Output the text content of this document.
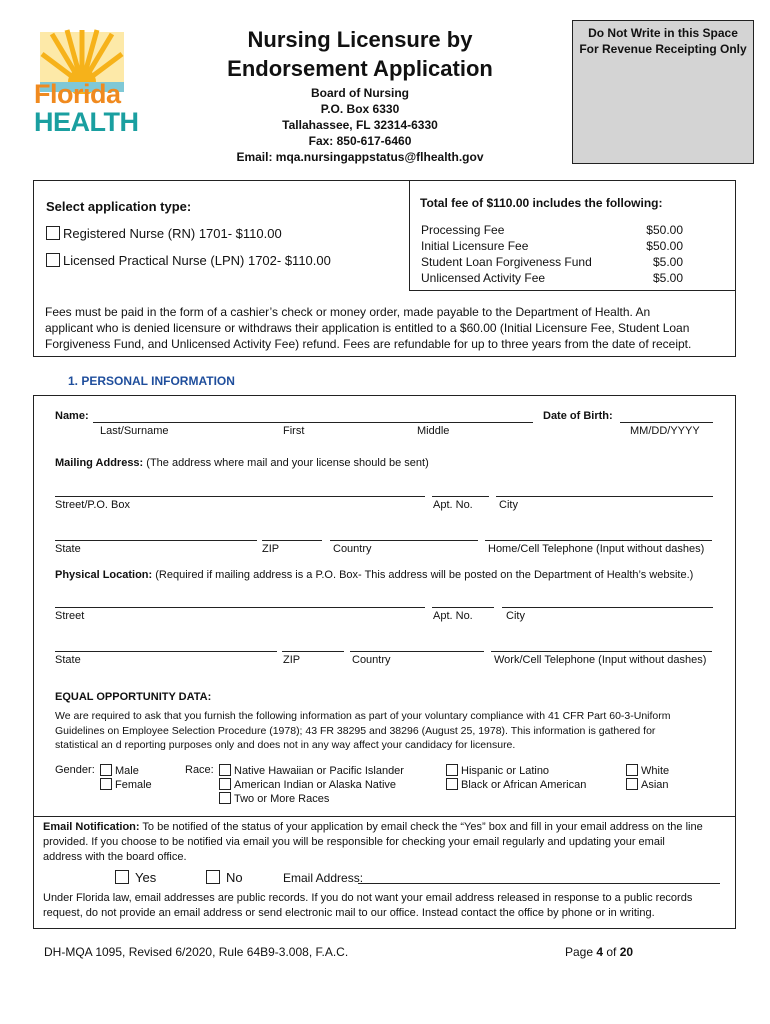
Florida
HEALTH
Nursing Licensure by
Endorsement Application
Board of Nursing
P.O. Box 6330
Tallahassee, FL 32314-6330
Fax: 850-617-6460
Email: mqa.nursingappstatus@flhealth.gov
Do Not Write in this Space
For Revenue Receipting Only
Select application type:
Registered Nurse (RN) 1701- $110.00
Licensed Practical Nurse (LPN) 1702- $110.00
Total fee of $110.00 includes the following:
Processing Fee	$50.00
Initial Licensure Fee	$50.00
Student Loan Forgiveness Fund	$5.00
Unlicensed Activity Fee	$5.00
Fees must be paid in the form of a cashier’s check or money order, made payable to the Department of Health. An
applicant who is denied licensure or withdraws their application is entitled to a $60.00 (Initial Licensure Fee, Student Loan
Forgiveness Fund, and Unlicensed Activity Fee) refund. Fees are refundable for up to three years from the date of receipt.
1. PERSONAL INFORMATION
Name:	Date of Birth:
Last/Surname	First	Middle	MM/DD/YYYY
Mailing Address: (The address where mail and your license should be sent)
Street/P.O. Box	Apt. No. City
State	ZIP	Country	Home/Cell Telephone (Input without dashes)
Physical Location: (Required if mailing address is a P.O. Box- This address will be posted on the Department of Health’s website.)
Street	Apt. No.	City
State	ZIP	Country	Work/Cell Telephone (Input without dashes)
EQUAL OPPORTUNITY DATA:
We are required to ask that you furnish the following information as part of your voluntary compliance with 41 CFR Part 60-3-Uniform
Guidelines on Employee Selection Procedure (1978); 43 FR 38295 and 38296 (August 25, 1978). This information is gathered for
statistical an d reporting purposes only and does not in any way affect your candidacy for licensure.
Gender:	Male
Female
Race:	Native Hawaiian or Pacific Islander
American Indian or Alaska Native
Two or More Races
Hispanic or Latino
Black or African American
White
Asian
Email Notification: To be notified of the status of your application by email check the “Yes” box and fill in your email address on the line
provided. If you choose to be notified via email you will be responsible for checking your email regularly and updating your email
address with the board office.
Yes	No	Email Address:
Under Florida law, email addresses are public records. If you do not want your email address released in response to a public records
request, do not provide an email address or send electronic mail to our office. Instead contact the office by phone or in writing.
DH-MQA 1095, Revised 6/2020, Rule 64B9-3.008, F.A.C.	Page 4 of 20
